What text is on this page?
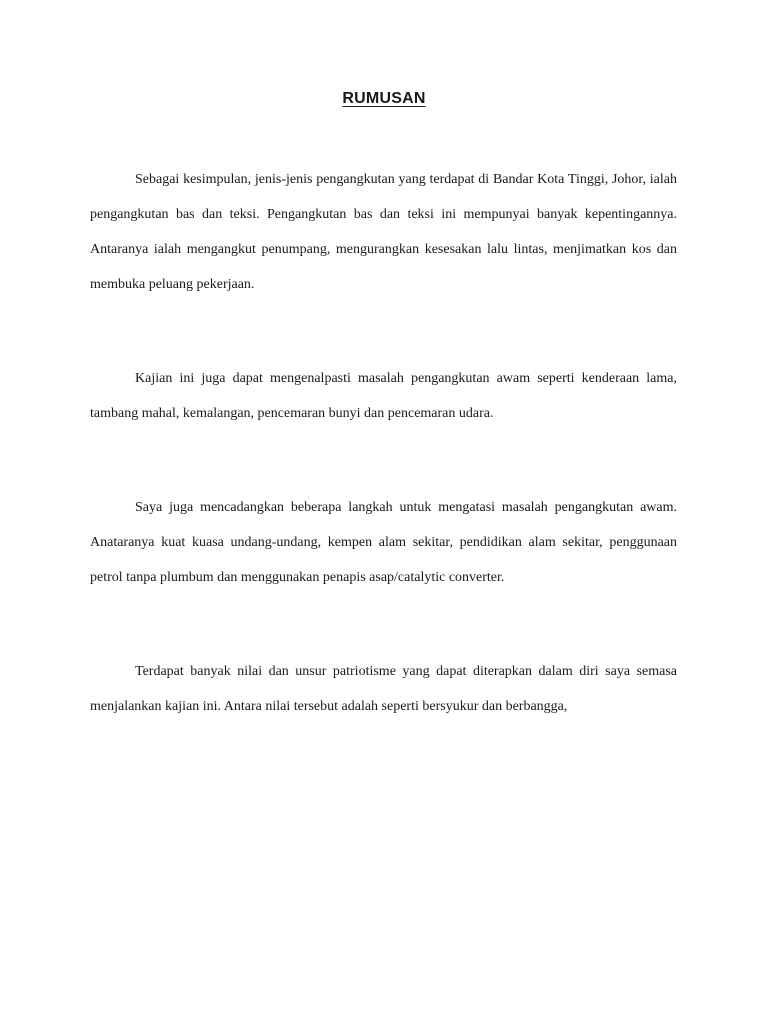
RUMUSAN

Sebagai kesimpulan, jenis-jenis pengangkutan yang terdapat di Bandar Kota Tinggi, Johor, ialah pengangkutan bas dan teksi. Pengangkutan bas dan teksi ini mempunyai banyak kepentingannya. Antaranya ialah mengangkut penumpang, mengurangkan kesesakan lalu lintas, menjimatkan kos dan membuka peluang pekerjaan.

Kajian ini juga dapat mengenalpasti masalah pengangkutan awam seperti kenderaan lama, tambang mahal, kemalangan, pencemaran bunyi dan pencemaran udara.

Saya juga mencadangkan beberapa langkah untuk mengatasi masalah pengangkutan awam. Anataranya kuat kuasa undang-undang, kempen alam sekitar, pendidikan alam sekitar, penggunaan petrol tanpa plumbum dan menggunakan penapis asap/catalytic converter.

Terdapat banyak nilai dan unsur patriotisme yang dapat diterapkan dalam diri saya semasa menjalankan kajian ini. Antara nilai tersebut adalah seperti bersyukur dan berbangga,
